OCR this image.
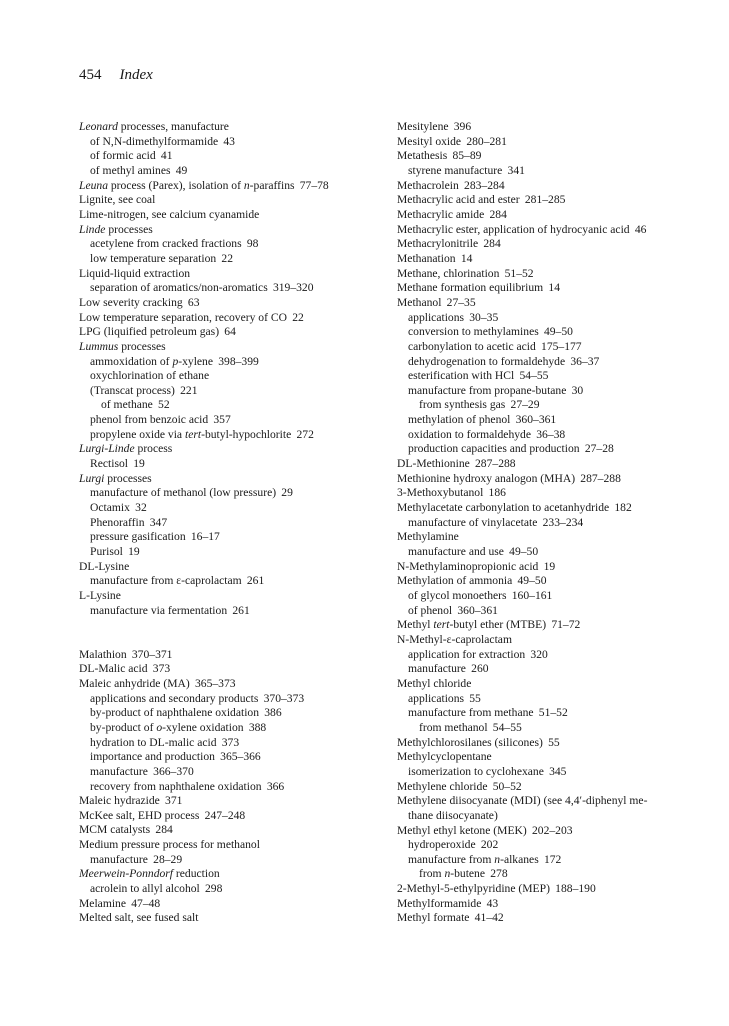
454 Index
Leonard processes, manufacture
of N,N-dimethylformamide 43
of formic acid 41
of methyl amines 49
Leuna process (Parex), isolation of n-paraffins 77–78
Lignite, see coal
Lime-nitrogen, see calcium cyanamide
Linde processes
acetylene from cracked fractions 98
low temperature separation 22
Liquid-liquid extraction
separation of aromatics/non-aromatics 319–320
Low severity cracking 63
Low temperature separation, recovery of CO 22
LPG (liquified petroleum gas) 64
Lummus processes
ammoxidation of p-xylene 398–399
oxychlorination of ethane
(Transcat process) 221
of methane 52
phenol from benzoic acid 357
propylene oxide via tert-butyl-hypochlorite 272
Lurgi-Linde process
Rectisol 19
Lurgi processes
manufacture of methanol (low pressure) 29
Octamix 32
Phenoraffin 347
pressure gasification 16–17
Purisol 19
DL-Lysine
manufacture from ε-caprolactam 261
L-Lysine
manufacture via fermentation 261
Malathion 370–371
DL-Malic acid 373
Maleic anhydride (MA) 365–373
applications and secondary products 370–373
by-product of naphthalene oxidation 386
by-product of o-xylene oxidation 388
hydration to DL-malic acid 373
importance and production 365–366
manufacture 366–370
recovery from naphthalene oxidation 366
Maleic hydrazide 371
McKee salt, EHD process 247–248
MCM catalysts 284
Medium pressure process for methanol
manufacture 28–29
Meerwein-Ponndorf reduction
acrolein to allyl alcohol 298
Melamine 47–48
Melted salt, see fused salt
Mesitylene 396
Mesityl oxide 280–281
Metathesis 85–89
styrene manufacture 341
Methacrolein 283–284
Methacrylic acid and ester 281–285
Methacrylic amide 284
Methacrylic ester, application of hydrocyanic acid 46
Methacrylonitrile 284
Methanation 14
Methane, chlorination 51–52
Methane formation equilibrium 14
Methanol 27–35
applications 30–35
conversion to methylamines 49–50
carbonylation to acetic acid 175–177
dehydrogenation to formaldehyde 36–37
esterification with HCl 54–55
manufacture from propane-butane 30
from synthesis gas 27–29
methylation of phenol 360–361
oxidation to formaldehyde 36–38
production capacities and production 27–28
DL-Methionine 287–288
Methionine hydroxy analogon (MHA) 287–288
3-Methoxybutanol 186
Methylacetate carbonylation to acetanhydride 182
manufacture of vinylacetate 233–234
Methylamine
manufacture and use 49–50
N-Methylaminopropionic acid 19
Methylation of ammonia 49–50
of glycol monoethers 160–161
of phenol 360–361
Methyl tert-butyl ether (MTBE) 71–72
N-Methyl-ε-caprolactam
application for extraction 320
manufacture 260
Methyl chloride
applications 55
manufacture from methane 51–52
from methanol 54–55
Methylchlorosilanes (silicones) 55
Methylcyclopentane
isomerization to cyclohexane 345
Methylene chloride 50–52
Methylene diisocyanate (MDI) (see 4,4′-diphenyl me-
thane diisocyanate)
Methyl ethyl ketone (MEK) 202–203
hydroperoxide 202
manufacture from n-alkanes 172
from n-butene 278
2-Methyl-5-ethylpyridine (MEP) 188–190
Methylformamide 43
Methyl formate 41–42
